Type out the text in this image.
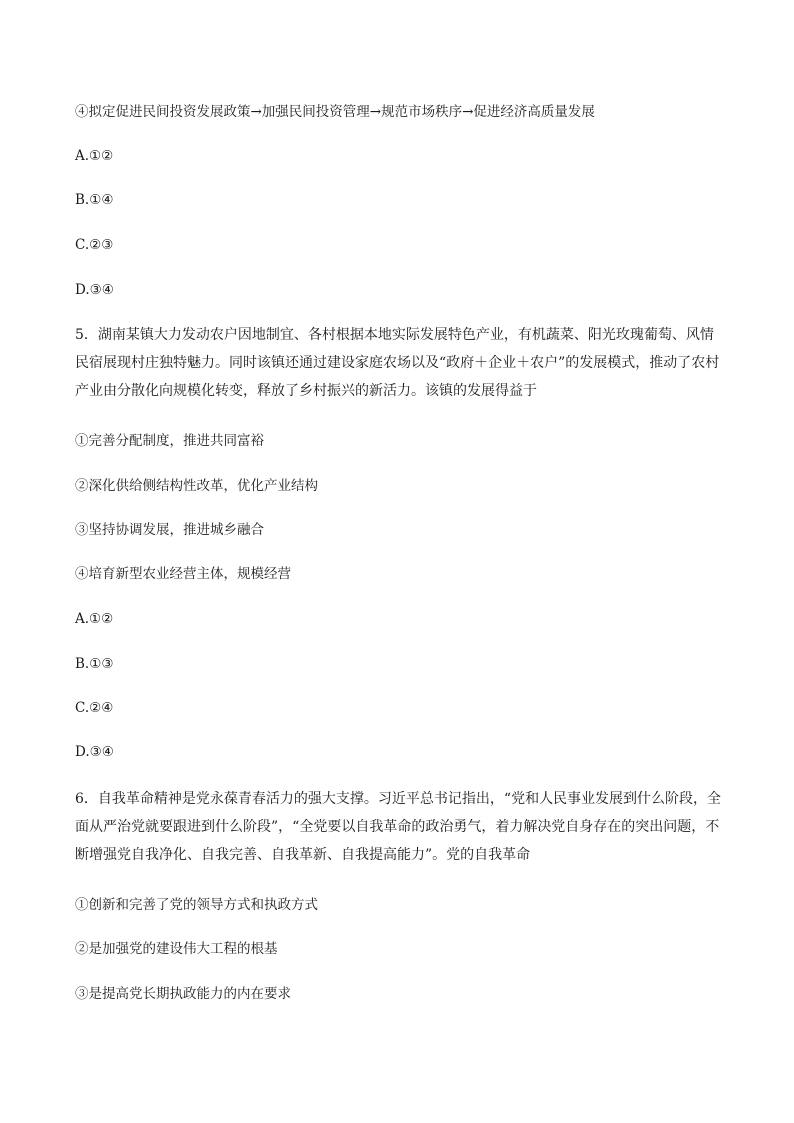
④拟定促进民间投资发展政策→加强民间投资管理→规范市场秩序→促进经济高质量发展
A.①②
B.①④
C.②③
D.③④
5．湖南某镇大力发动农户因地制宜、各村根据本地实际发展特色产业，有机蔬菜、阳光玫瑰葡萄、风情民宿展现村庄独特魅力。同时该镇还通过建设家庭农场以及“政府＋企业＋农户”的发展模式，推动了农村产业由分散化向规模化转变，释放了乡村振兴的新活力。该镇的发展得益于
①完善分配制度，推进共同富裕
②深化供给侧结构性改革，优化产业结构
③坚持协调发展，推进城乡融合
④培育新型农业经营主体，规模经营
A.①②
B.①③
C.②④
D.③④
6．自我革命精神是党永葆青春活力的强大支撑。习近平总书记指出，“党和人民事业发展到什么阶段，全面从严治党就要跟进到什么阶段”，“全党要以自我革命的政治勇气，着力解决党自身存在的突出问题，不断增强党自我净化、自我完善、自我革新、自我提高能力”。党的自我革命
①创新和完善了党的领导方式和执政方式
②是加强党的建设伟大工程的根基
③是提高党长期执政能力的内在要求
